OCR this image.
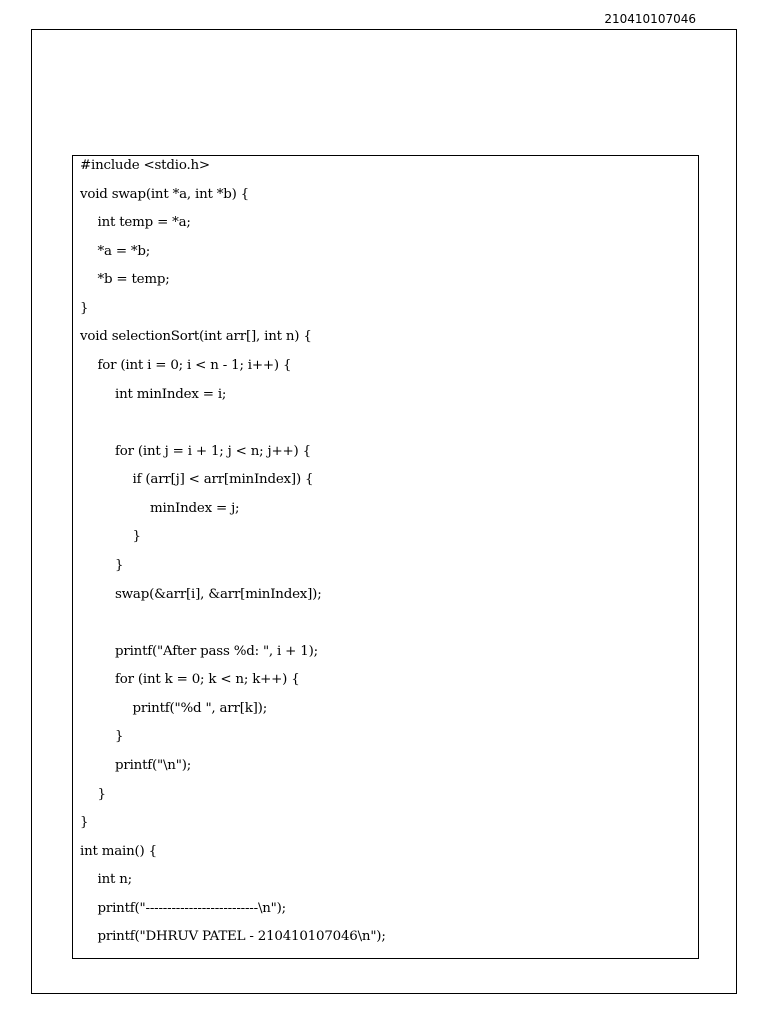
210410107046
#include <stdio.h>
void swap(int *a, int *b) {
int temp = *a;
*a = *b;
*b = temp;
}
void selectionSort(int arr[], int n) {
for (int i = 0; i < n - 1; i++) {
int minIndex = i;
for (int j = i + 1; j < n; j++) {
if (arr[j] < arr[minIndex]) {
minIndex = j;
}
}
swap(&arr[i], &arr[minIndex]);
printf("After pass %d: ", i + 1);
for (int k = 0; k < n; k++) {
printf("%d ", arr[k]);
}
printf("\n");
}
}
int main() {
int n;
printf("--------------------------\n");
printf("DHRUV PATEL - 210410107046\n");
